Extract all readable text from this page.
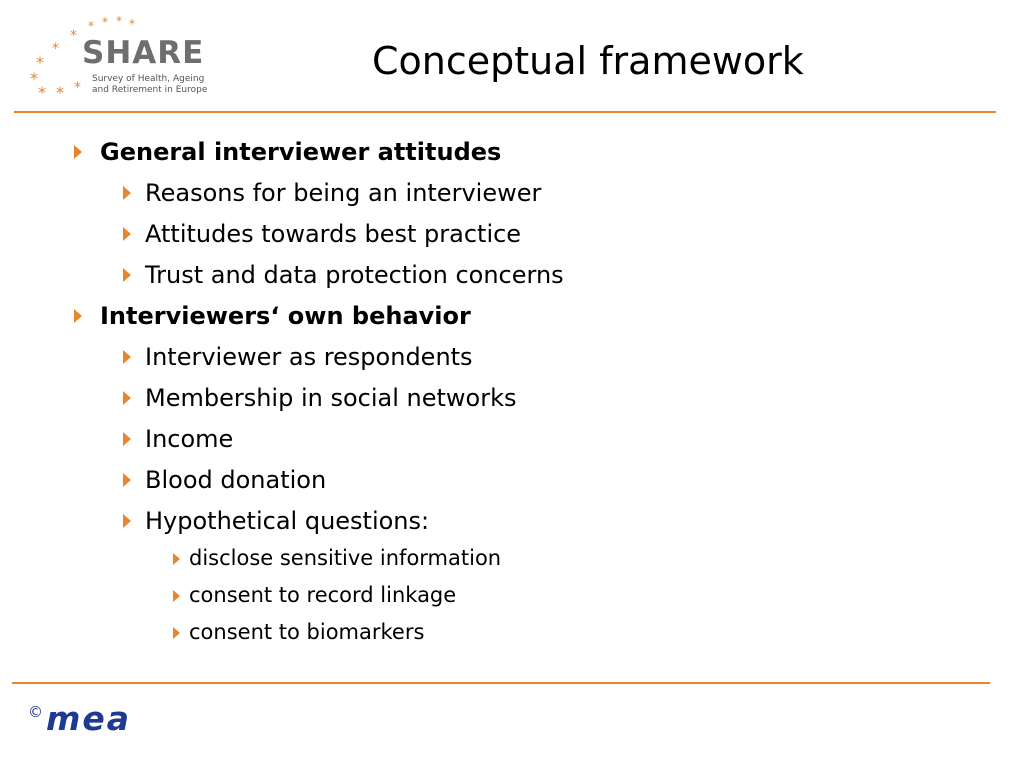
* * * *
*
*
*
*
* * *
SHARE
Survey of Health, Ageing
and Retirement in Europe
Conceptual framework
General interviewer attitudes
Reasons for being an interviewer
Attitudes towards best practice
Trust and data protection concerns
Interviewers‘ own behavior
Interviewer as respondents
Membership in social networks
Income
Blood donation
Hypothetical questions:
disclose sensitive information
consent to record linkage
consent to biomarkers
© mea
